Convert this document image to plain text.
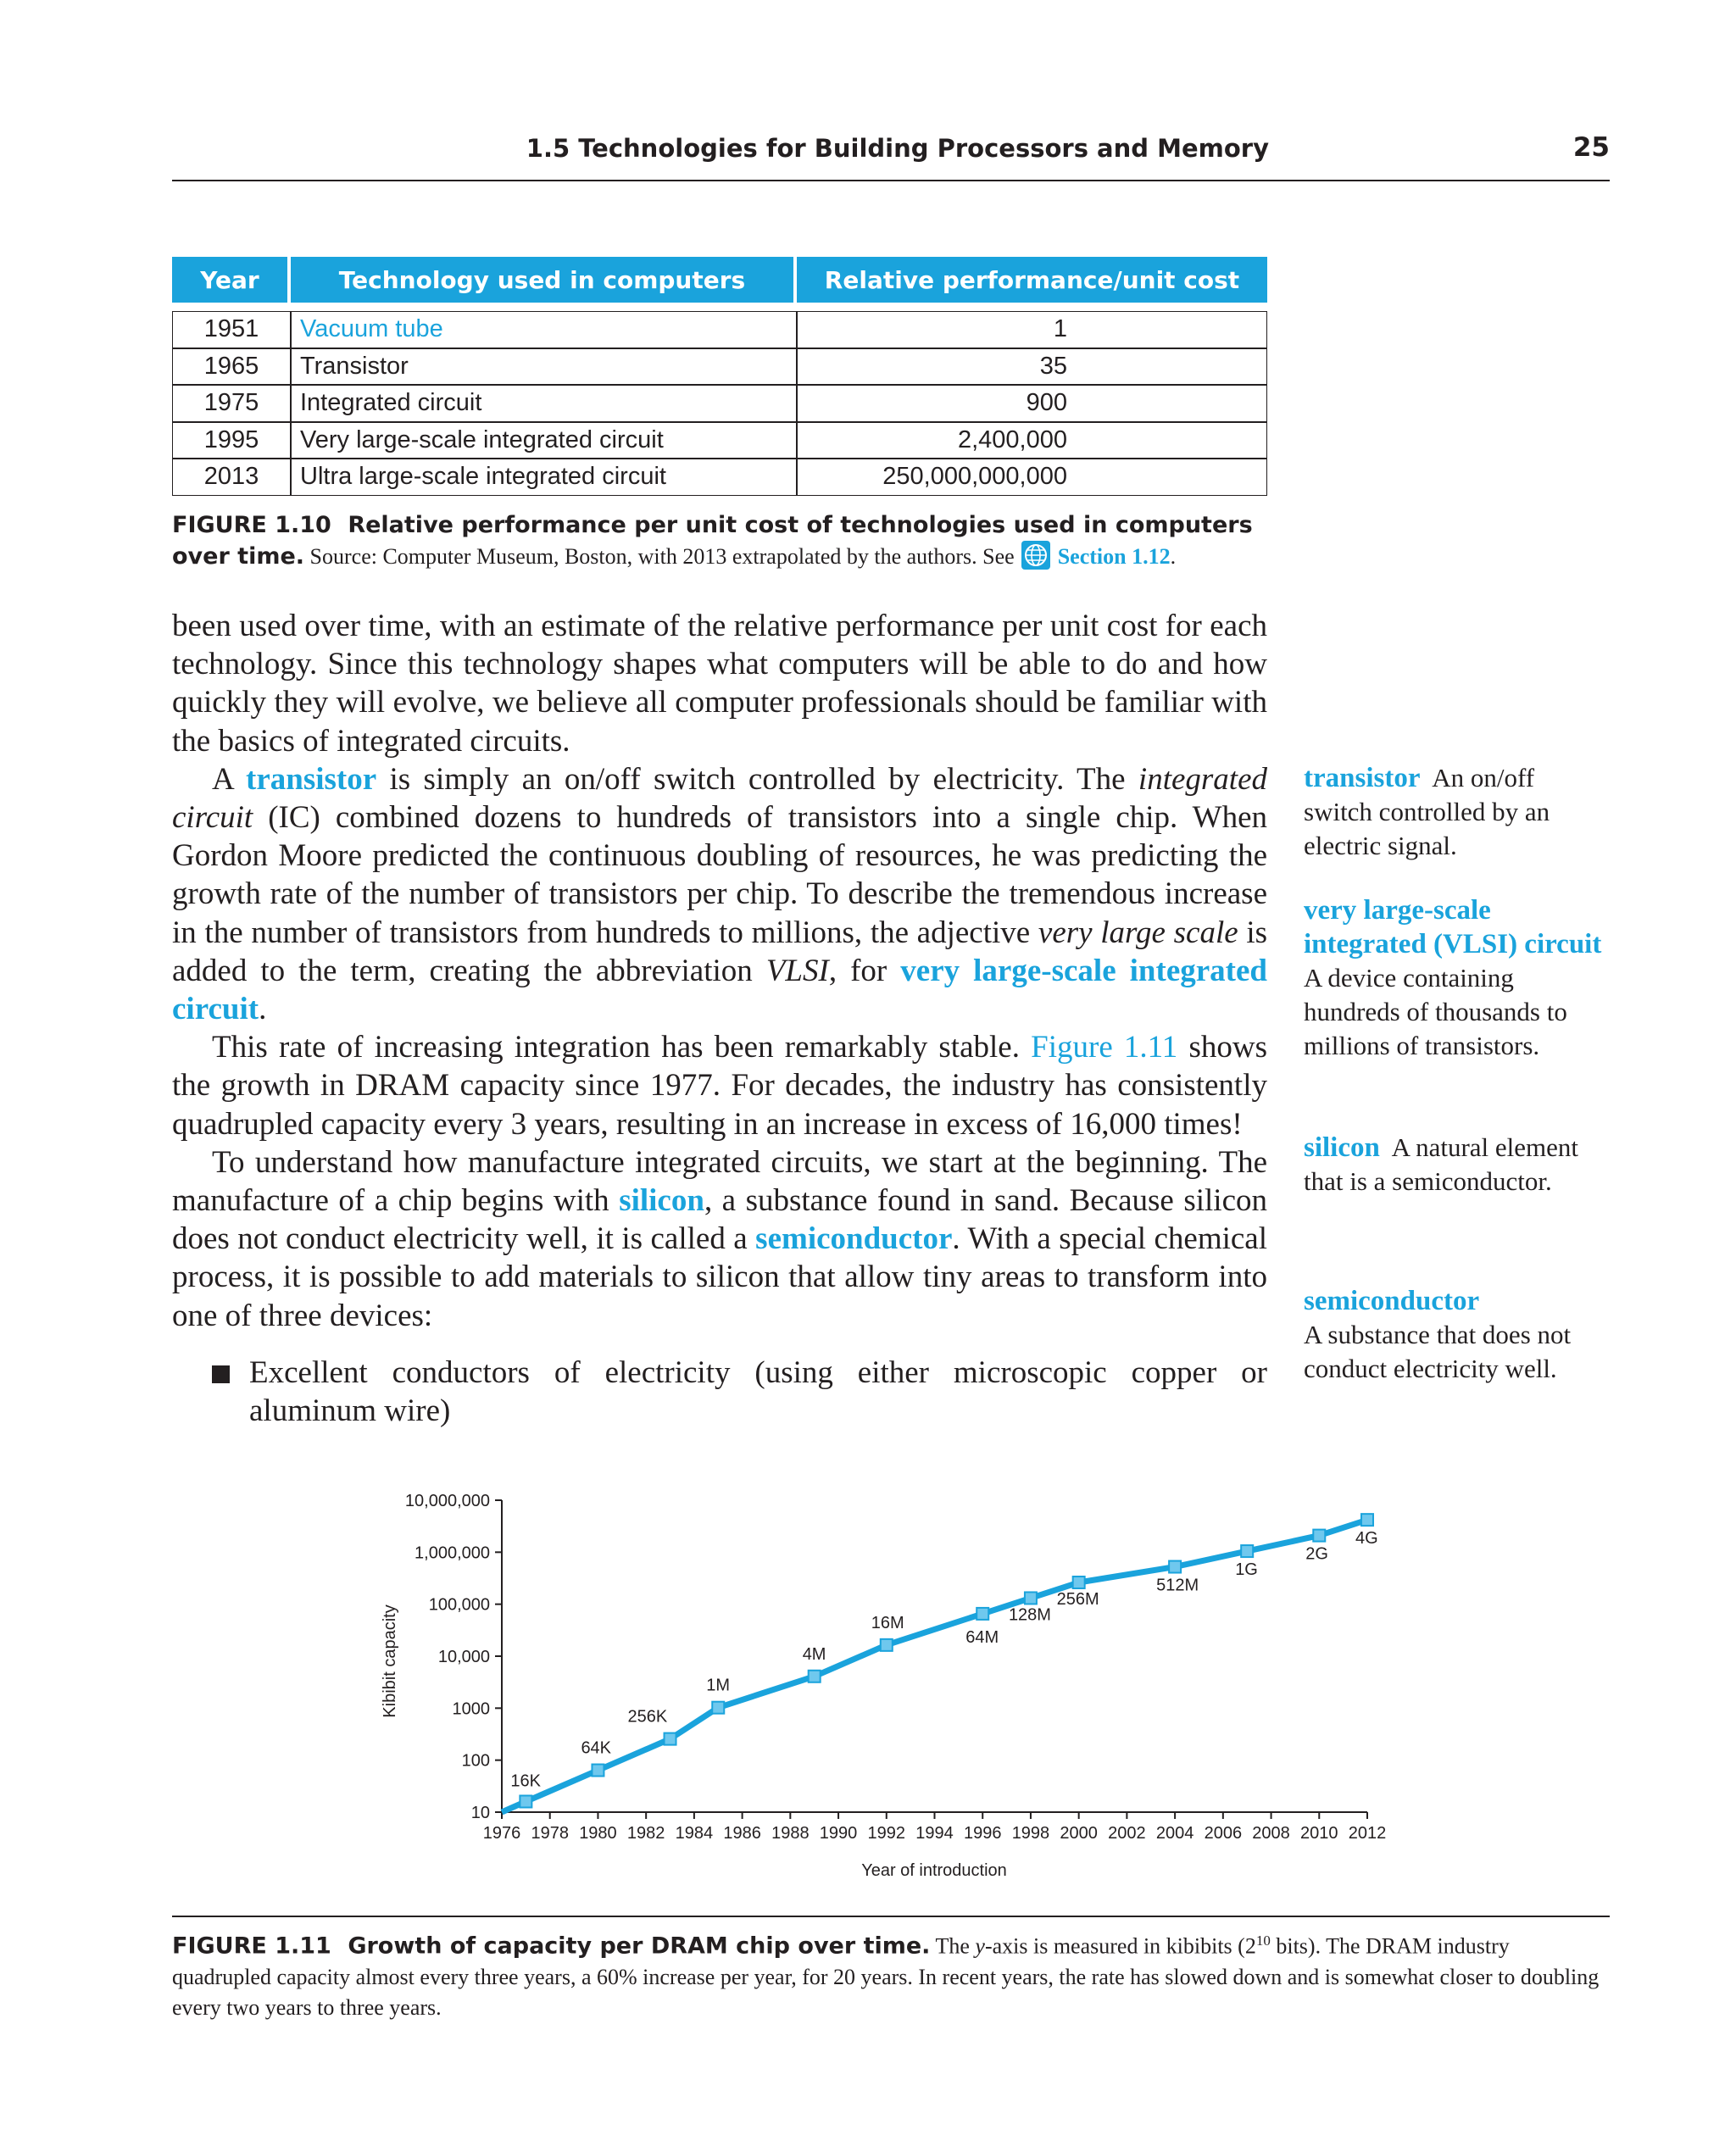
1.5 Technologies for Building Processors and Memory	25
Year	Technology used in computers	Relative performance/unit cost

1951	Vacuum tube	1
1965	Transistor	35
1975	Integrated circuit	900
1995	Very large-scale integrated circuit	2,400,000
2013	Ultra large-scale integrated circuit	250,000,000,000
FIGURE 1.10 Relative performance per unit cost of technologies used in computers over time. Source: Computer Museum, Boston, with 2013 extrapolated by the authors. See Section 1.12.

been used over time, with an estimate of the relative performance per unit cost for each technology. Since this technology shapes what computers will be able to do and how quickly they will evolve, we believe all computer professionals should be familiar with the basics of integrated circuits.

A transistor is simply an on/off switch controlled by electricity. The integrated circuit (IC) combined dozens to hundreds of transistors into a single chip. When Gordon Moore predicted the continuous doubling of resources, he was predicting the growth rate of the number of transistors per chip. To describe the tremendous increase in the number of transistors from hundreds to millions, the adjective very large scale is added to the term, creating the abbreviation VLSI, for very large-scale integrated circuit.

This rate of increasing integration has been remarkably stable. Figure 1.11 shows the growth in DRAM capacity since 1977. For decades, the industry has consistently quadrupled capacity every 3 years, resulting in an increase in excess of 16,000 times!

To understand how manufacture integrated circuits, we start at the beginning. The manufacture of a chip begins with silicon, a substance found in sand. Because silicon does not conduct electricity well, it is called a semiconductor. With a special chemical process, it is possible to add materials to silicon that allow tiny areas to transform into one of three devices:

Excellent conductors of electricity (using either microscopic copper or aluminum wire)
transistor An on/off switch controlled by an electric signal.
very large-scale integrated (VLSI) circuit  A device containing hundreds of thousands to millions of transistors.
silicon A natural element that is a semiconductor.
semiconductor
A substance that does not conduct electricity well.
10
100
1000
10,000
100,000
1,000,000
10,000,000
1976 1978 1980 1982 1984 1986 1988 1990 1992 1994 1996 1998 2000 2002 2004 2006 2008 2010 2012
16K
64K
256K
1M
4M
16M
64M
128M
256M
512M
1G
2G
4G
Year of introduction
Kibibit capacity
FIGURE 1.11 Growth of capacity per DRAM chip over time. The y-axis is measured in kibibits ($2^{10}$ bits). The DRAM industry quadrupled capacity almost every three years, a 60% increase per year, for 20 years. In recent years, the rate has slowed down and is somewhat closer to doubling every two years to three years.
